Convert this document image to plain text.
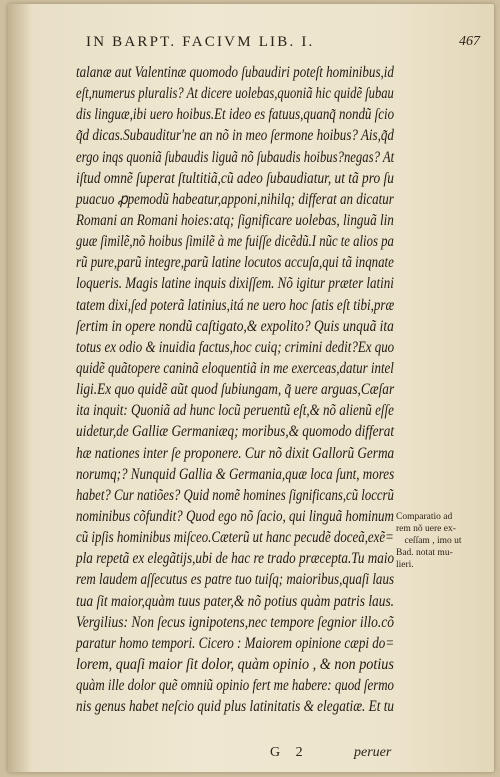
IN BARPT. FACIVM LIB. I.	467
talanæ aut Valentinæ quomodo ſubaudiri poteſt hominibus,id
eſt,numerus pluralis? At dicere uolebas,quoniã hic quidẽ ſubau
dis linguæ,ibi uero hoibus.Et ideo es fatuus,quanq̃ nondũ ſcio
q̃d dicas.Subauditur'ne an nõ in meo ſermone hoibus? Ais,q̃d
ergo inqs quoniã ſubaudis liguã nõ ſubaudis hoibus?negas? At
iſtud omnẽ ſuperat ſtultitiã,cũ adeo ſubaudiatur, ut tã pro ſu
puacuo ꝓpemodũ habeatur,apponi,nihilq; differat an dicatur
Romani an Romani hoies:atq; ſignificare uolebas, linguã lin
guæ ſimilẽ,nõ hoibus ſimilẽ à me fuiſſe dicẽdũ.I nũc te alios pa
rũ pure,parũ integre,parũ latine locutos accuſa,qui tã inqnate
loqueris. Magis latine inquis dixiſſem. Nõ igitur præter latini
tatem dixi,ſed poterã latinius,itá ne uero hoc ſatis eſt tibi,præ
ſertim in opere nondũ caſtigato,& expolito? Quis unquã ita
totus ex odio & inuidia factus,hoc cuiq; crimini dedit?Ex quo
quidẽ quãtopere caninã eloquentiã in me exerceas,datur intel
ligi.Ex quo quidẽ aũt quod ſubiungam, q̃ uere arguas,Cæſar
ita inquit: Quoniã ad hunc locũ peruentũ eſt,& nõ alienũ eſſe
uidetur,de Galliæ Germaniæq; moribus,& quomodo differat
hæ nationes inter ſe proponere. Cur nõ dixit Gallorũ Germa
norumq;? Nunquid Gallia & Germania,quæ loca ſunt, mores
habet? Cur natiões? Quid nomẽ homines ſignificans,cũ loccrũ
nominibus cõfundit? Quod ego nõ ſacio, qui linguã hominum
cũ ipſis hominibus miſceo.Cæterũ ut hanc pecudẽ doceã,exẽ=
pla repetã ex elegãtijs,ubi de hac re trado præcepta.Tu maio
rem laudem aſſecutus es patre tuo tuiſq; maioribus,quaſi laus
tua ſit maior,quàm tuus pater,& nõ potius quàm patris laus.
Vergilius: Non ſecus ignipotens,nec tempore ſegnior illo.cõ
paratur homo tempori. Cicero : Maiorem opinione cæpi do=
lorem, quaſi maior ſit dolor, quàm opinio , & non potius
quàm ille dolor quẽ omniũ opinio fert me habere: quod ſermo
nis genus habet neſcio quid plus latinitatis & elegatiæ. Et tu
Comparatio ad
rem nõ uere ex-
ceſſam , imo ut
Bad. notat mu-
lieri.
G 2	peruer
